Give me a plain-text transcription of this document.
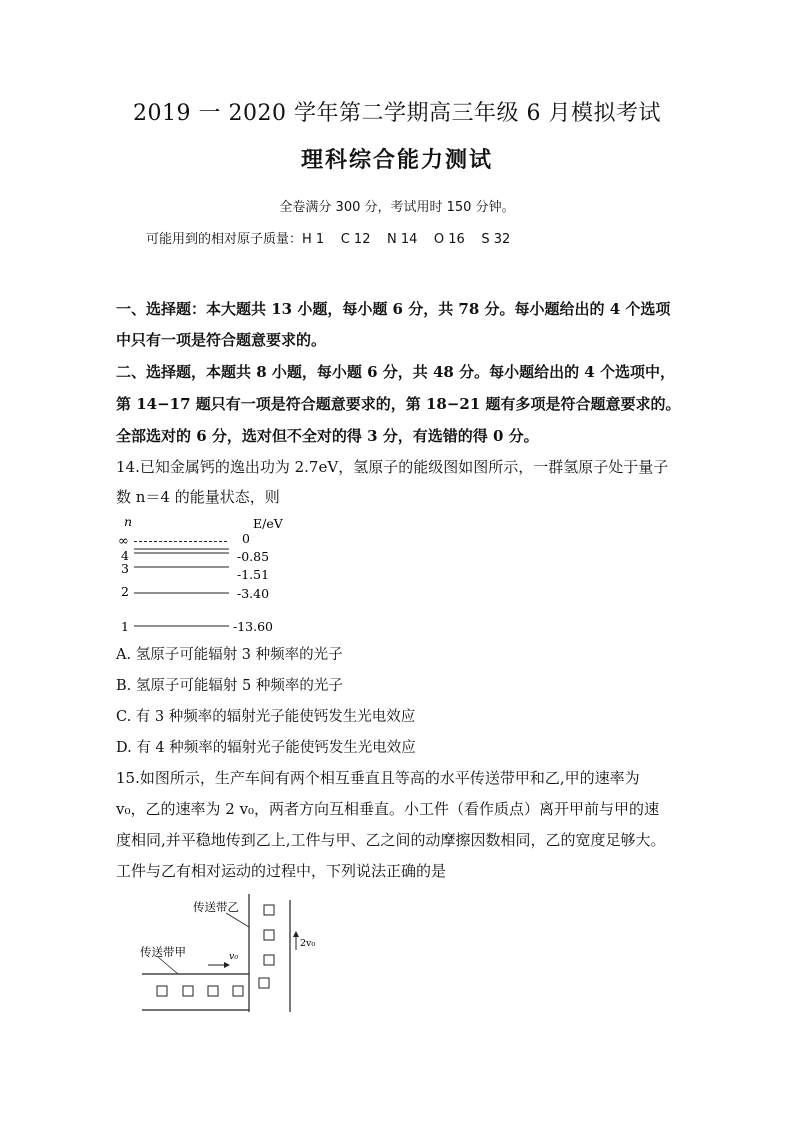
2019 一 2020 学年第二学期高三年级 6 月模拟考试
理科综合能力测试
全卷满分 300 分，考试用时 150 分钟。
可能用到的相对原子质量：H 1    C 12    N 14    O 16    S 32
一、选择题：本大题共 13 小题，每小题 6 分，共 78 分。每小题给出的 4 个选项
中只有一项是符合题意要求的。
二、选择题，本题共 8 小题，每小题 6 分，共 48 分。每小题给出的 4 个选项中，
第 14−17 题只有一项是符合题意要求的，第 18−21 题有多项是符合题意要求的。
全部选对的 6 分，选对但不全对的得 3 分，有选错的得 0 分。
14.已知金属钙的逸出功为 2.7eV，氢原子的能级图如图所示，一群氢原子处于量子
数 n＝4 的能量状态，则
n	E/eV
∞	0
4	-0.85
3	-1.51
2	-3.40
1	-13.60
A. 氢原子可能辐射 3 种频率的光子
B. 氢原子可能辐射 5 种频率的光子
C. 有 3 种频率的辐射光子能使钙发生光电效应
D. 有 4 种频率的辐射光子能使钙发生光电效应
15.如图所示，生产车间有两个相互垂直且等高的水平传送带甲和乙,甲的速率为
v₀，乙的速率为 2 v₀，两者方向互相垂直。小工件（看作质点）离开甲前与甲的速
度相同,并平稳地传到乙上,工件与甲、乙之间的动摩擦因数相同，乙的宽度足够大。
工件与乙有相对运动的过程中，下列说法正确的是
传送带乙
传送带甲	v₀
2v₀
